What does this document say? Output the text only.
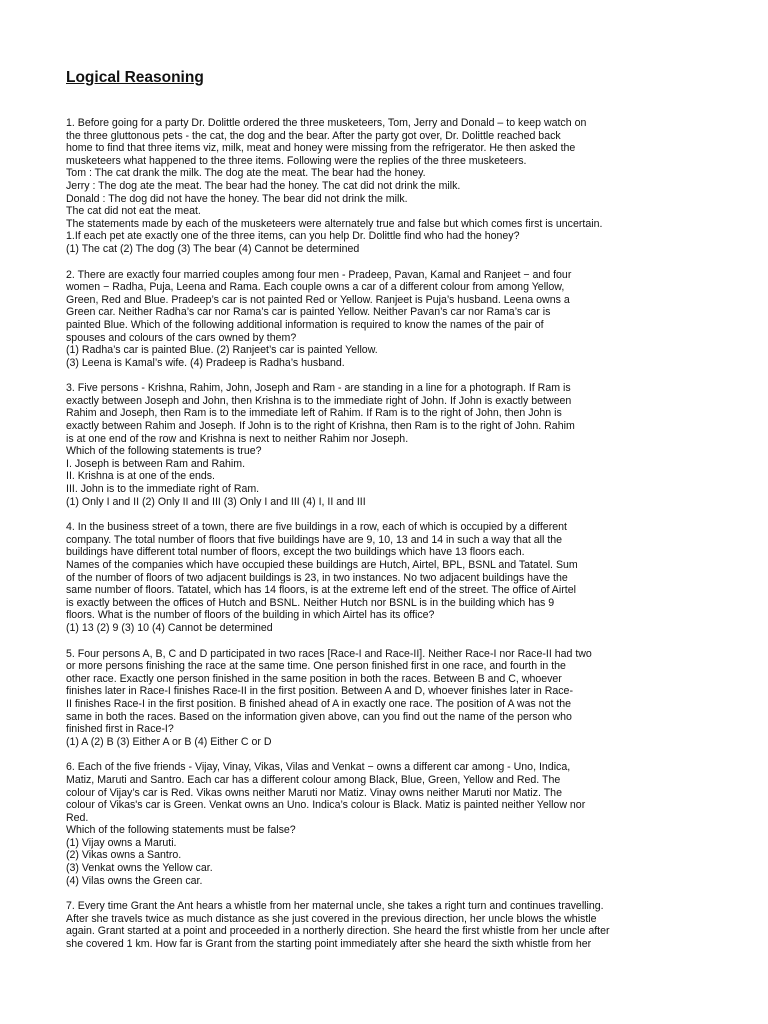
Logical Reasoning
1. Before going for a party Dr. Dolittle ordered the three musketeers, Tom, Jerry and Donald – to keep watch on
the three gluttonous pets - the cat, the dog and the bear. After the party got over, Dr. Dolittle reached back
home to find that three items viz, milk, meat and honey were missing from the refrigerator. He then asked the
musketeers what happened to the three items. Following were the replies of the three musketeers.
Tom : The cat drank the milk. The dog ate the meat. The bear had the honey.
Jerry : The dog ate the meat. The bear had the honey. The cat did not drink the milk.
Donald : The dog did not have the honey. The bear did not drink the milk.
The cat did not eat the meat.
The statements made by each of the musketeers were alternately true and false but which comes first is uncertain.
1.If each pet ate exactly one of the three items, can you help Dr. Dolittle find who had the honey?
(1) The cat (2) The dog (3) The bear (4) Cannot be determined
2. There are exactly four married couples among four men - Pradeep, Pavan, Kamal and Ranjeet − and four
women − Radha, Puja, Leena and Rama. Each couple owns a car of a different colour from among Yellow,
Green, Red and Blue. Pradeep’s car is not painted Red or Yellow. Ranjeet is Puja’s husband. Leena owns a
Green car. Neither Radha’s car nor Rama’s car is painted Yellow. Neither Pavan’s car nor Rama’s car is
painted Blue. Which of the following additional information is required to know the names of the pair of
spouses and colours of the cars owned by them?
(1) Radha’s car is painted Blue. (2) Ranjeet’s car is painted Yellow.
(3) Leena is Kamal’s wife. (4) Pradeep is Radha’s husband.
3. Five persons - Krishna, Rahim, John, Joseph and Ram - are standing in a line for a photograph. If Ram is
exactly between Joseph and John, then Krishna is to the immediate right of John. If John is exactly between
Rahim and Joseph, then Ram is to the immediate left of Rahim. If Ram is to the right of John, then John is
exactly between Rahim and Joseph. If John is to the right of Krishna, then Ram is to the right of John. Rahim
is at one end of the row and Krishna is next to neither Rahim nor Joseph.
Which of the following statements is true?
I. Joseph is between Ram and Rahim.
II. Krishna is at one of the ends.
III. John is to the immediate right of Ram.
(1) Only I and II (2) Only II and III (3) Only I and III (4) I, II and III
4. In the business street of a town, there are five buildings in a row, each of which is occupied by a different
company. The total number of floors that five buildings have are 9, 10, 13 and 14 in such a way that all the
buildings have different total number of floors, except the two buildings which have 13 floors each.
Names of the companies which have occupied these buildings are Hutch, Airtel, BPL, BSNL and Tatatel. Sum
of the number of floors of two adjacent buildings is 23, in two instances. No two adjacent buildings have the
same number of floors. Tatatel, which has 14 floors, is at the extreme left end of the street. The office of Airtel
is exactly between the offices of Hutch and BSNL. Neither Hutch nor BSNL is in the building which has 9
floors. What is the number of floors of the building in which Airtel has its office?
(1) 13 (2) 9 (3) 10 (4) Cannot be determined
5. Four persons A, B, C and D participated in two races [Race-I and Race-II]. Neither Race-I nor Race-II had two
or more persons finishing the race at the same time. One person finished first in one race, and fourth in the
other race. Exactly one person finished in the same position in both the races. Between B and C, whoever
finishes later in Race-I finishes Race-II in the first position. Between A and D, whoever finishes later in Race-
II finishes Race-I in the first position. B finished ahead of A in exactly one race. The position of A was not the
same in both the races. Based on the information given above, can you find out the name of the person who
finished first in Race-I?
(1) A (2) B (3) Either A or B (4) Either C or D
6. Each of the five friends - Vijay, Vinay, Vikas, Vilas and Venkat − owns a different car among - Uno, Indica,
Matiz, Maruti and Santro. Each car has a different colour among Black, Blue, Green, Yellow and Red. The
colour of Vijay’s car is Red. Vikas owns neither Maruti nor Matiz. Vinay owns neither Maruti nor Matiz. The
colour of Vikas's car is Green. Venkat owns an Uno. Indica’s colour is Black. Matiz is painted neither Yellow nor
Red.
Which of the following statements must be false?
(1) Vijay owns a Maruti.
(2) Vikas owns a Santro.
(3) Venkat owns the Yellow car.
(4) Vilas owns the Green car.
7. Every time Grant the Ant hears a whistle from her maternal uncle, she takes a right turn and continues travelling.
After she travels twice as much distance as she just covered in the previous direction, her uncle blows the whistle
again. Grant started at a point and proceeded in a northerly direction. She heard the first whistle from her uncle after
she covered 1 km. How far is Grant from the starting point immediately after she heard the sixth whistle from her
